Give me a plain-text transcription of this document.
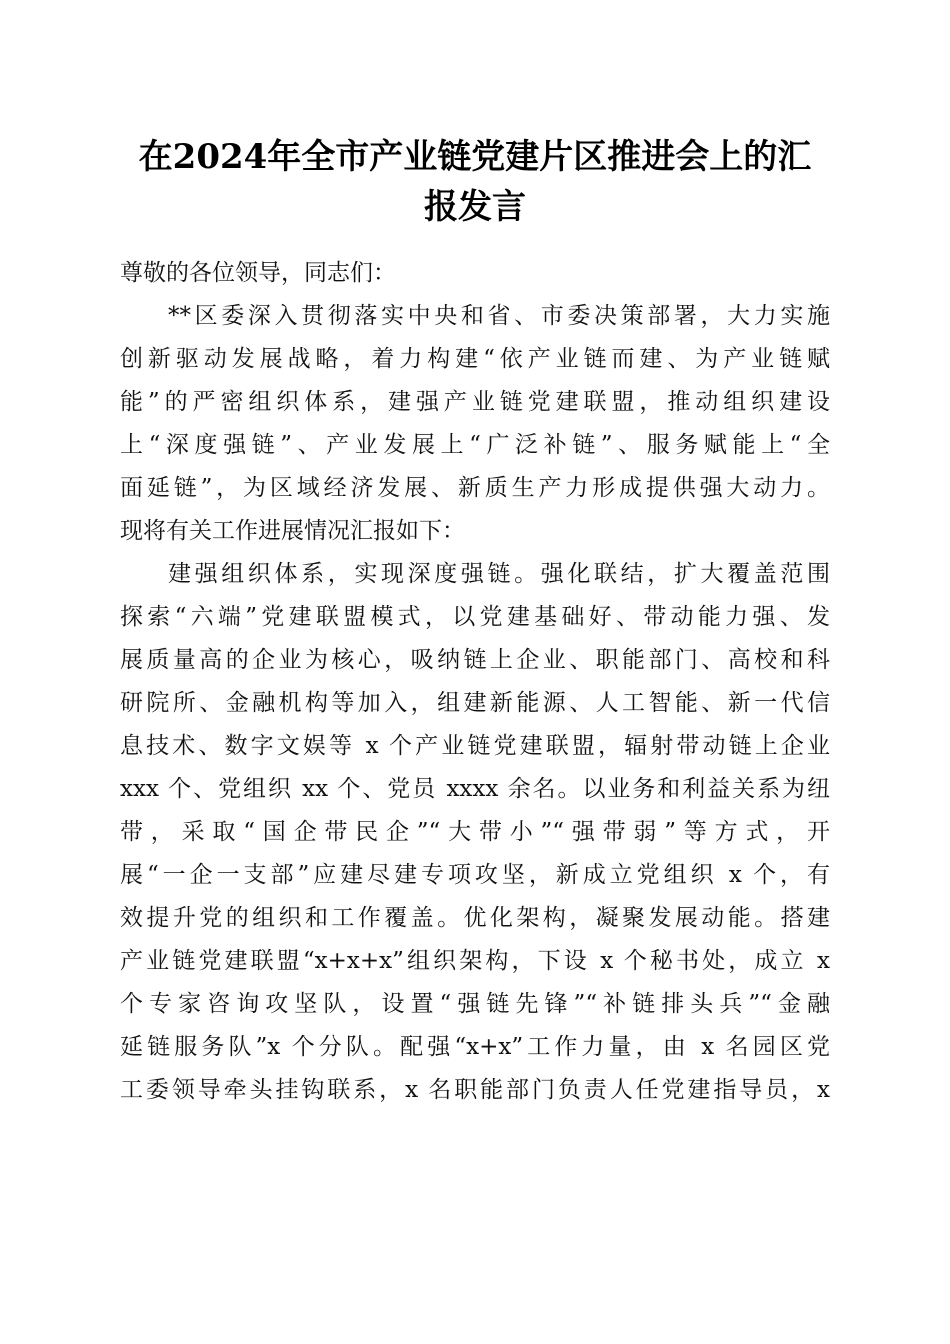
在2024年全市产业链党建片区推进会上的汇
报发言
尊敬的各位领导，同志们：
**区委深入贯彻落实中央和省、市委决策部署，大力实施
创新驱动发展战略，着力构建“依产业链而建、为产业链赋
能”的严密组织体系，建强产业链党建联盟，推动组织建设
上“深度强链”、产业发展上“广泛补链”、服务赋能上“全
面延链”，为区域经济发展、新质生产力形成提供强大动力。
现将有关工作进展情况汇报如下：
建强组织体系，实现深度强链。强化联结，扩大覆盖范围
探索“六端”党建联盟模式，以党建基础好、带动能力强、发
展质量高的企业为核心，吸纳链上企业、职能部门、高校和科
研院所、金融机构等加入，组建新能源、人工智能、新一代信
息技术、数字文娱等 x 个产业链党建联盟，辐射带动链上企业
xxx 个、党组织 xx 个、党员 xxxx 余名。以业务和利益关系为纽
带，采取“国企带民企”“大带小”“强带弱”等方式，开
展“一企一支部”应建尽建专项攻坚，新成立党组织 x 个，有
效提升党的组织和工作覆盖。优化架构，凝聚发展动能。搭建
产业链党建联盟“x+x+x”组织架构，下设 x 个秘书处，成立 x
个专家咨询攻坚队，设置“强链先锋”“补链排头兵”“金融
延链服务队”x 个分队。配强“x+x”工作力量，由 x 名园区党
工委领导牵头挂钩联系，x 名职能部门负责人任党建指导员，x
